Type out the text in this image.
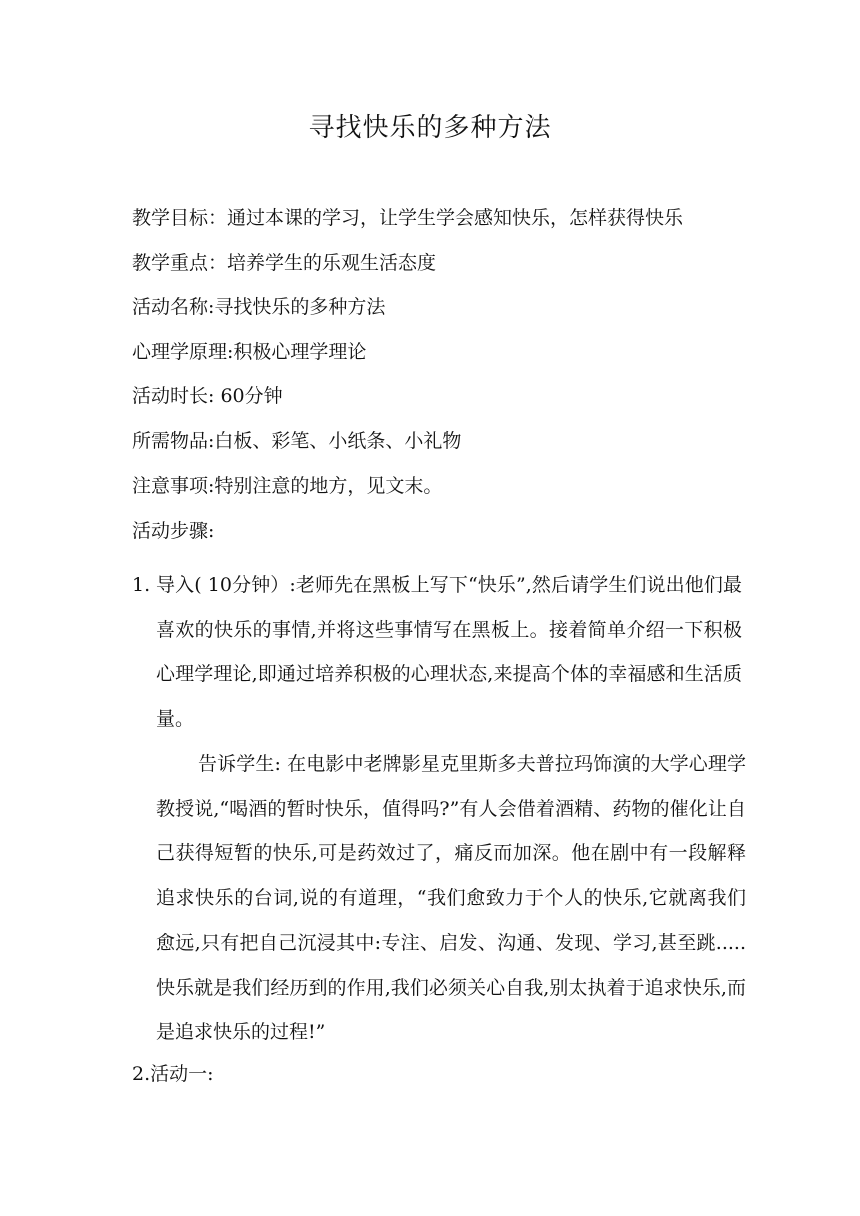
寻找快乐的多种方法
教学目标：通过本课的学习，让学生学会感知快乐，怎样获得快乐
教学重点：培养学生的乐观生活态度
活动名称:寻找快乐的多种方法
心理学原理:积极心理学理论
活动时长: 60分钟
所需物品:白板、彩笔、小纸条、小礼物
注意事项:特别注意的地方，见文末。
活动步骤:
1. 导入( 10分钟）:老师先在黑板上写下“快乐”,然后请学生们说出他们最喜欢的快乐的事情,并将这些事情写在黑板上。接着简单介绍一下积极心理学理论,即通过培养积极的心理状态,来提高个体的幸福感和生活质量。
告诉学生: 在电影中老牌影星克里斯多夫普拉玛饰演的大学心理学教授说,“喝酒的暂时快乐，值得吗?”有人会借着酒精、药物的催化让自己获得短暂的快乐,可是药效过了，痛反而加深。他在剧中有一段解释追求快乐的台词,说的有道理，“我们愈致力于个人的快乐,它就离我们愈远,只有把自己沉浸其中:专注、启发、沟通、发现、学习,甚至跳.....快乐就是我们经历到的作用,我们必须关心自我,别太执着于追求快乐,而是追求快乐的过程!”
2.活动一:
